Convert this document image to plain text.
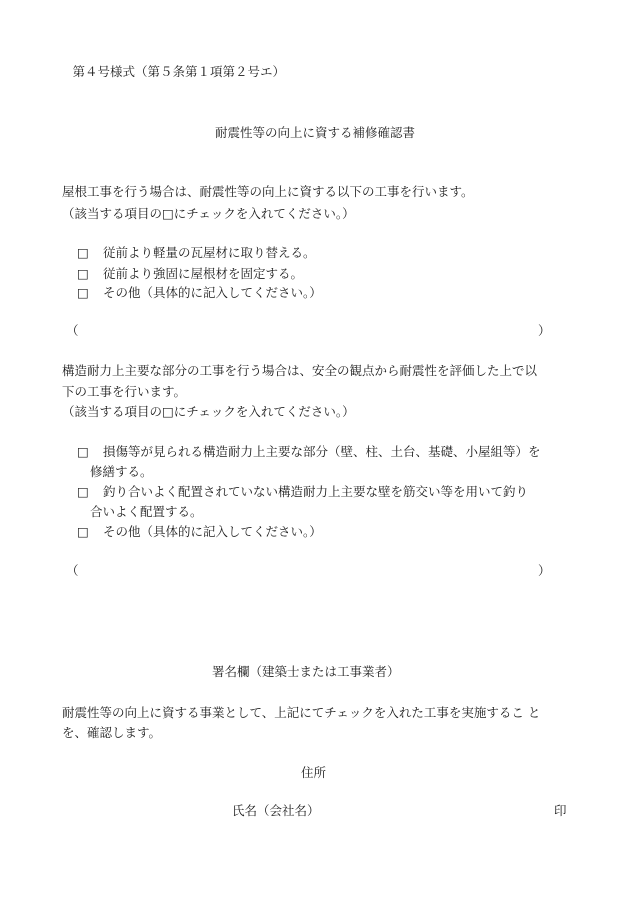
　第４号様式（第５条第１項第２号エ）
耐震性等の向上に資する補修確認書
屋根工事を行う場合は、耐震性等の向上に資する以下の工事を行います。
（該当する項目の□にチェックを入れてください。）
□ 従前より軽量の瓦屋材に取り替える。
□ 従前より強固に屋根材を固定する。
□ その他（具体的に記入してください。）
（	）
構造耐力上主要な部分の工事を行う場合は、安全の観点から耐震性を評価した上で以
下の工事を行います。
（該当する項目の□にチェックを入れてください。）
□ 損傷等が見られる構造耐力上主要な部分（壁、柱、土台、基礎、小屋組等）を
修繕する。
□ 釣り合いよく配置されていない構造耐力上主要な壁を筋交い等を用いて釣り
合いよく配置する。
□ その他（具体的に記入してください。）
（	）
署名欄（建築士または工事業者）
耐震性等の向上に資する事業として、上記にてチェックを入れた工事を実施するこ と
を、確認します。
住所
氏名（会社名）	印
